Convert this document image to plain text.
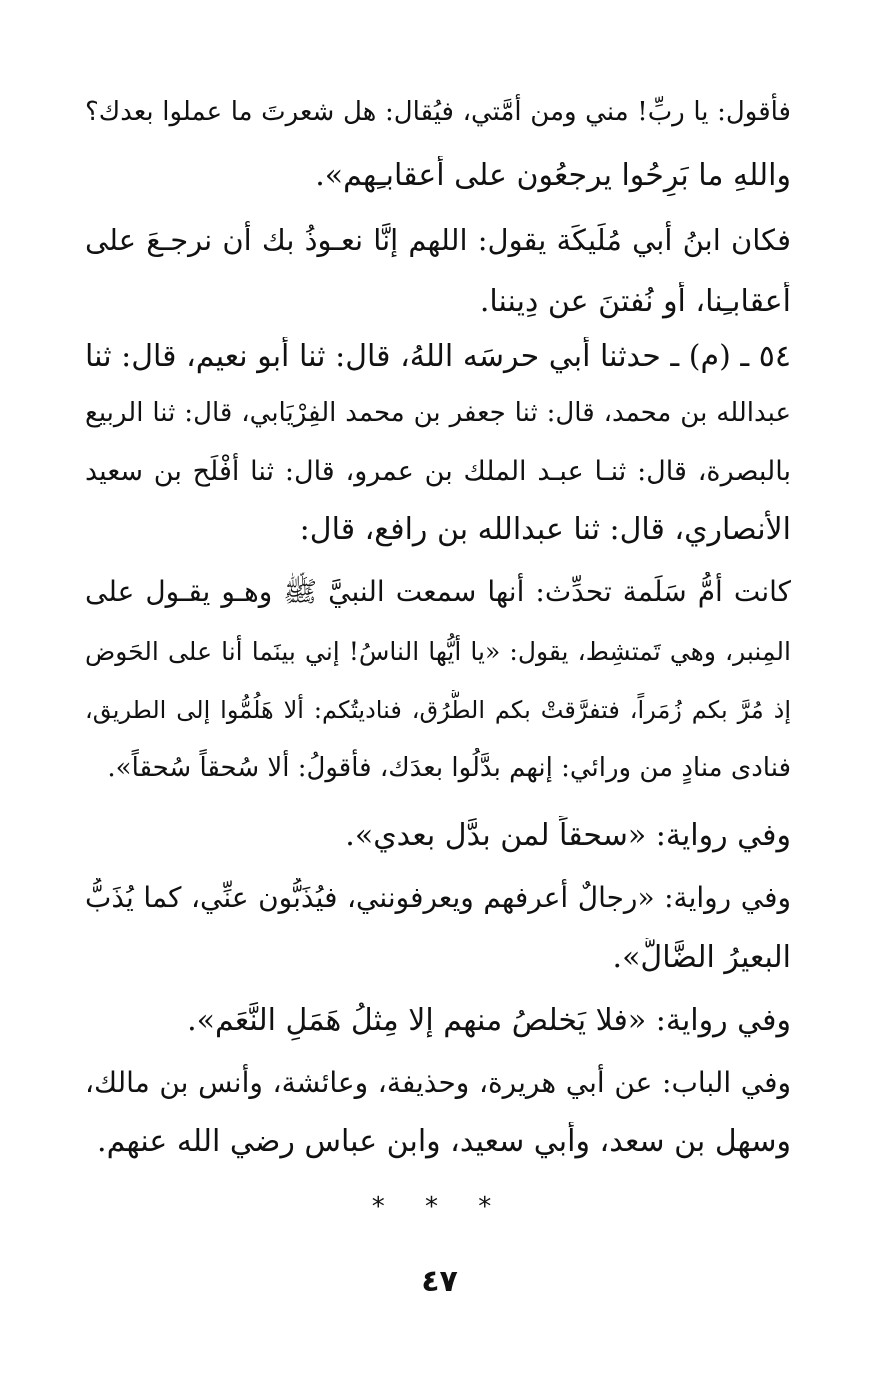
فأقول: يا ربِّ! مني ومن أمَّتي، فيُقال: هل شعرتَ ما عملوا بعدك؟
واللهِ ما بَرِحُوا يرجعُون على أعقابـِهم».
فكان ابنُ أبي مُلَيكَة يقول: اللهم إنَّا نعـوذُ بك أن نرجـعَ على
أعقابـِنا، أو نُفتنَ عن دِيننا.
٥٤ ـ (م) ـ حدثنا أبي حرسَه اللهُ، قال: ثنا أبو نعيم، قال: ثنا
عبدالله بن محمد، قال: ثنا جعفر بن محمد الفِرْيَابي، قال: ثنا الربيع
بالبصرة، قال: ثنـا عبـد الملك بن عمرو، قال: ثنا أَفْلَح بن سعيد
الأنصاري، قال: ثنا عبدالله بن رافع، قال:
كانت أمُّ سَلَمة تحدِّث: أنها سمعت النبيَّ ﷺ وهـو يقـول على
المِنبر، وهي تَمتشِط، يقول: «يا أيُّها الناسُ! إني بينَما أنا على الحَوض
إذ مُرَّ بكم زُمَراً، فتفرَّقتْ بكم الطُّرُق، فناديتُكم: ألا هَلُمُّوا إلى الطريق،
فنادى منادٍ من ورائي: إنهم بدَّلُوا بعدَك، فأقولُ: ألا سُحقاً سُحقاً».
وفي رواية: «سحقاً لمن بدَّل بعدي».
وفي رواية: «رجالٌ أعرفهم ويعرفونني، فيُذَبُّون عنِّي، كما يُذَبُّ
البعيرُ الضَّالُّ».
وفي رواية: «فلا يَخلصُ منهم إلا مِثلُ هَمَلِ النَّعَم».
وفي الباب: عن أبي هريرة، وحذيفة، وعائشة، وأنس بن مالك،
وسهل بن سعد، وأبي سعيد، وابن عباس رضي الله عنهم.
* * *
٤٧
